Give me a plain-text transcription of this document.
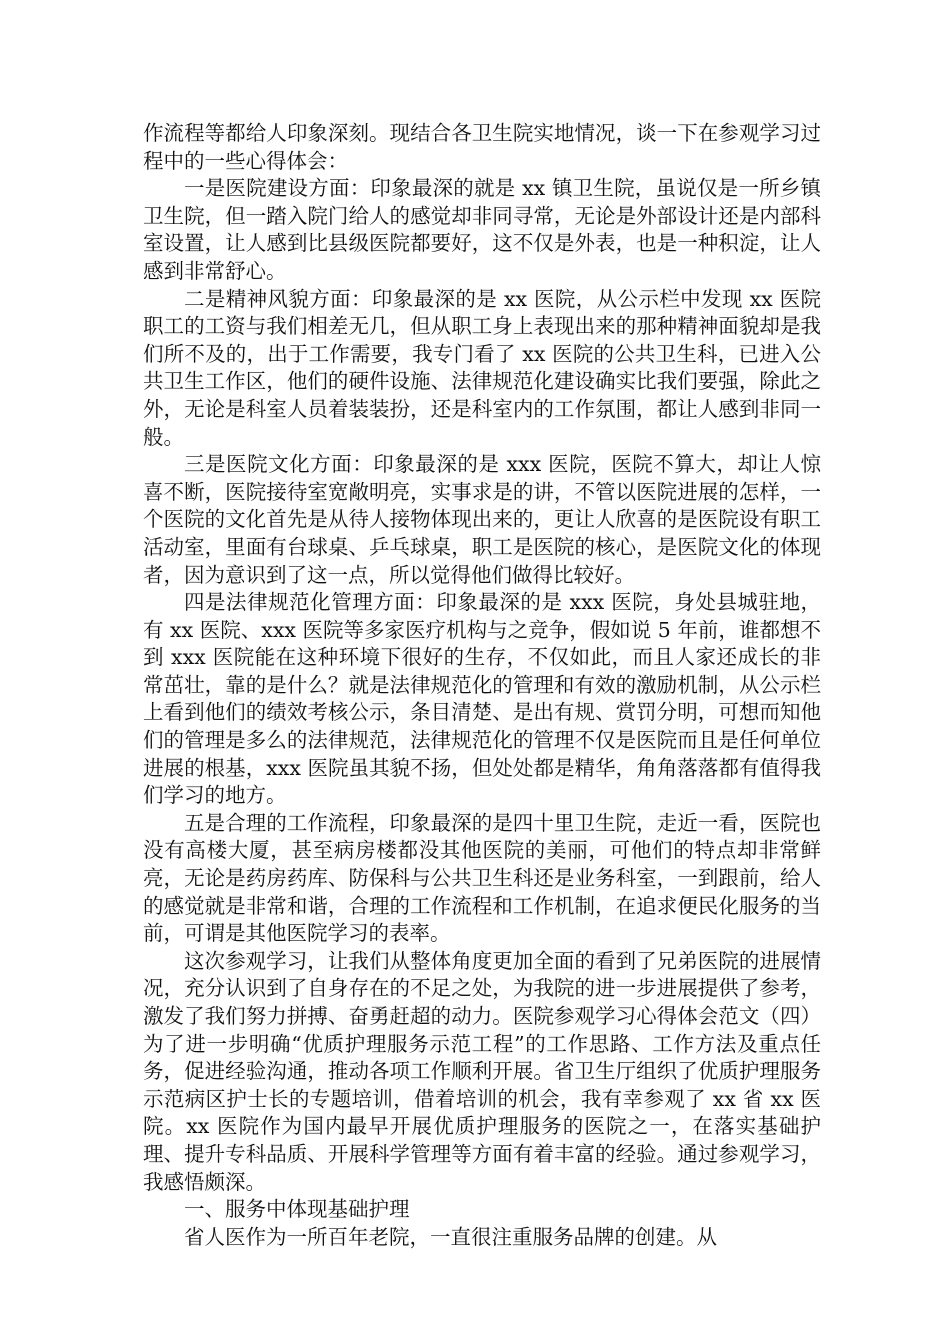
作流程等都给人印象深刻。现结合各卫生院实地情况，谈一下在参观学习过程中的一些心得体会：

一是医院建设方面：印象最深的就是 xx 镇卫生院，虽说仅是一所乡镇卫生院，但一踏入院门给人的感觉却非同寻常，无论是外部设计还是内部科室设置，让人感到比县级医院都要好，这不仅是外表，也是一种积淀，让人感到非常舒心。

二是精神风貌方面：印象最深的是 xx 医院，从公示栏中发现 xx 医院职工的工资与我们相差无几，但从职工身上表现出来的那种精神面貌却是我们所不及的，出于工作需要，我专门看了 xx 医院的公共卫生科，已进入公共卫生工作区，他们的硬件设施、法律规范化建设确实比我们要强，除此之外，无论是科室人员着装装扮，还是科室内的工作氛围，都让人感到非同一般。

三是医院文化方面：印象最深的是 xxx 医院，医院不算大，却让人惊喜不断，医院接待室宽敞明亮，实事求是的讲，不管以医院进展的怎样，一个医院的文化首先是从待人接物体现出来的，更让人欣喜的是医院设有职工活动室，里面有台球桌、乒乓球桌，职工是医院的核心，是医院文化的体现者，因为意识到了这一点，所以觉得他们做得比较好。

四是法律规范化管理方面：印象最深的是 xxx 医院，身处县城驻地，有 xx 医院、xxx 医院等多家医疗机构与之竞争，假如说 5 年前，谁都想不到 xxx 医院能在这种环境下很好的生存，不仅如此，而且人家还成长的非常茁壮，靠的是什么？就是法律规范化的管理和有效的激励机制，从公示栏上看到他们的绩效考核公示，条目清楚、是出有规、赏罚分明，可想而知他们的管理是多么的法律规范，法律规范化的管理不仅是医院而且是任何单位进展的根基，xxx 医院虽其貌不扬，但处处都是精华，角角落落都有值得我们学习的地方。

五是合理的工作流程，印象最深的是四十里卫生院，走近一看，医院也没有高楼大厦，甚至病房楼都没其他医院的美丽，可他们的特点却非常鲜亮，无论是药房药库、防保科与公共卫生科还是业务科室，一到跟前，给人的感觉就是非常和谐，合理的工作流程和工作机制，在追求便民化服务的当前，可谓是其他医院学习的表率。

这次参观学习，让我们从整体角度更加全面的看到了兄弟医院的进展情况，充分认识到了自身存在的不足之处，为我院的进一步进展提供了参考，激发了我们努力拼搏、奋勇赶超的动力。医院参观学习心得体会范文（四）为了进一步明确“优质护理服务示范工程”的工作思路、工作方法及重点任务，促进经验沟通，推动各项工作顺利开展。省卫生厅组织了优质护理服务示范病区护士长的专题培训，借着培训的机会，我有幸参观了 xx 省 xx 医院。xx 医院作为国内最早开展优质护理服务的医院之一，在落实基础护理、提升专科品质、开展科学管理等方面有着丰富的经验。通过参观学习，我感悟颇深。

一、服务中体现基础护理

省人医作为一所百年老院，一直很注重服务品牌的创建。从
